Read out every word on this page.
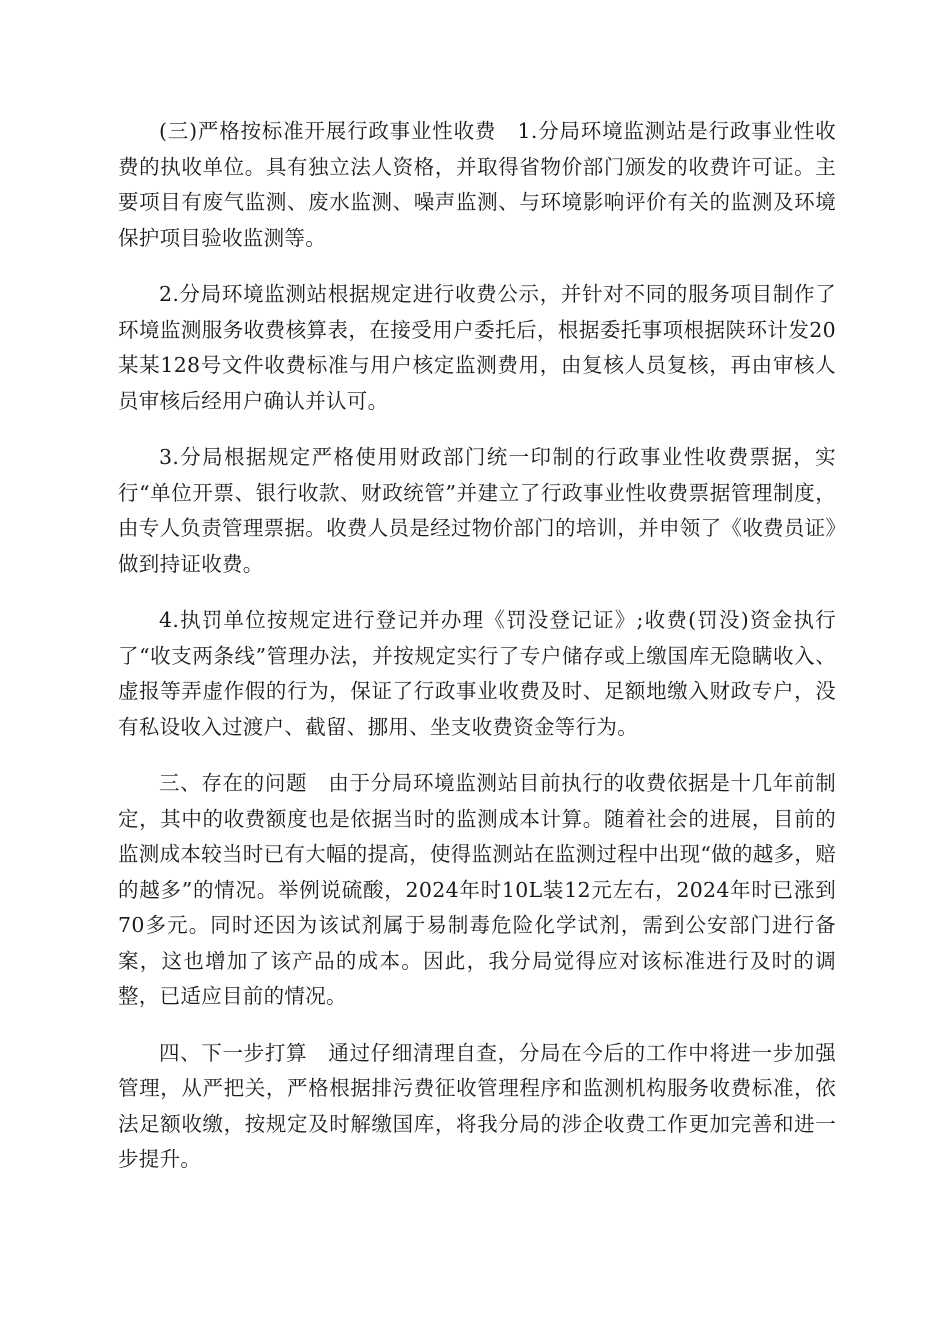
(三)严格按标准开展行政事业性收费　1.分局环境监测站是行政事业性收费的执收单位。具有独立法人资格，并取得省物价部门颁发的收费许可证。主要项目有废气监测、废水监测、噪声监测、与环境影响评价有关的监测及环境保护项目验收监测等。

2.分局环境监测站根据规定进行收费公示，并针对不同的服务项目制作了环境监测服务收费核算表，在接受用户委托后，根据委托事项根据陕环计发20某某128号文件收费标准与用户核定监测费用，由复核人员复核，再由审核人员审核后经用户确认并认可。

3.分局根据规定严格使用财政部门统一印制的行政事业性收费票据，实行“单位开票、银行收款、财政统管”并建立了行政事业性收费票据管理制度，由专人负责管理票据。收费人员是经过物价部门的培训，并申领了《收费员证》做到持证收费。

4.执罚单位按规定进行登记并办理《罚没登记证》;收费(罚没)资金执行了“收支两条线”管理办法，并按规定实行了专户储存或上缴国库无隐瞒收入、虚报等弄虚作假的行为，保证了行政事业收费及时、足额地缴入财政专户，没有私设收入过渡户、截留、挪用、坐支收费资金等行为。

三、存在的问题　由于分局环境监测站目前执行的收费依据是十几年前制定，其中的收费额度也是依据当时的监测成本计算。随着社会的进展，目前的监测成本较当时已有大幅的提高，使得监测站在监测过程中出现“做的越多，赔的越多”的情况。举例说硫酸，2024年时10L装12元左右，2024年时已涨到70多元。同时还因为该试剂属于易制毒危险化学试剂，需到公安部门进行备案，这也增加了该产品的成本。因此，我分局觉得应对该标准进行及时的调整，已适应目前的情况。

四、下一步打算　通过仔细清理自查，分局在今后的工作中将进一步加强管理，从严把关，严格根据排污费征收管理程序和监测机构服务收费标准，依法足额收缴，按规定及时解缴国库，将我分局的涉企收费工作更加完善和进一步提升。
